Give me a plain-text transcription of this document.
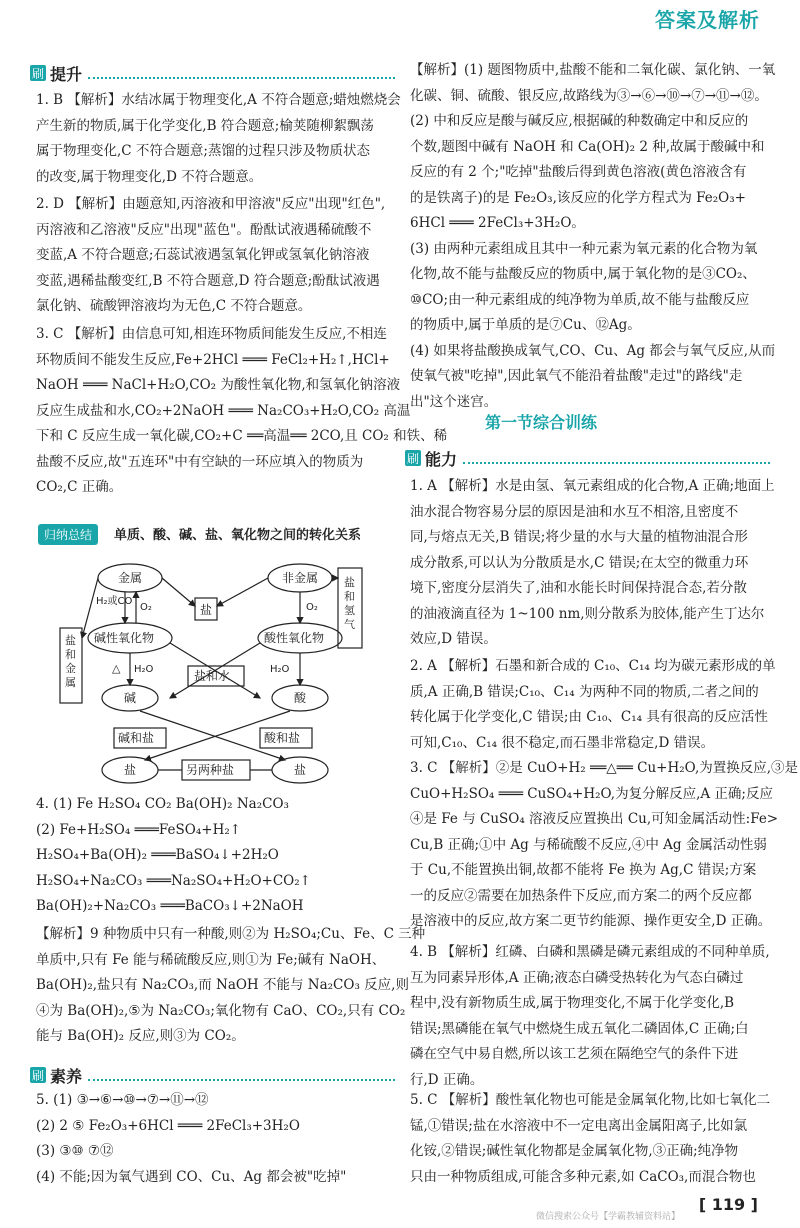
答案及解析
刷 提升
1. B 【解析】水结冰属于物理变化,A 不符合题意;蜡烛燃烧会
产生新的物质,属于化学变化,B 符合题意;榆荚随柳絮飘荡
属于物理变化,C 不符合题意;蒸馏的过程只涉及物质状态
的改变,属于物理变化,D 不符合题意。
2. D 【解析】由题意知,丙溶液和甲溶液"反应"出现"红色",
丙溶液和乙溶液"反应"出现"蓝色"。酚酞试液遇稀硫酸不
变蓝,A 不符合题意;石蕊试液遇氢氧化钾或氢氧化钠溶液
变蓝,遇稀盐酸变红,B 不符合题意,D 符合题意;酚酞试液遇
氯化钠、硫酸钾溶液均为无色,C 不符合题意。
3. C 【解析】由信息可知,相连环物质间能发生反应,不相连
环物质间不能发生反应,Fe+2HCl ═══ FeCl₂+H₂↑,HCl+
NaOH ═══ NaCl+H₂O,CO₂ 为酸性氧化物,和氢氧化钠溶液
反应生成盐和水,CO₂+2NaOH ═══ Na₂CO₃+H₂O,CO₂ 高温
下和 C 反应生成一氧化碳,CO₂+C ══高温══ 2CO,且 CO₂ 和铁、稀
盐酸不反应,故"五连环"中有空缺的一环应填入的物质为
CO₂,C 正确。
4. (1) Fe H₂SO₄ CO₂ Ba(OH)₂ Na₂CO₃
(2) Fe+H₂SO₄ ═══FeSO₄+H₂↑
H₂SO₄+Ba(OH)₂ ═══BaSO₄↓+2H₂O
H₂SO₄+Na₂CO₃ ═══Na₂SO₄+H₂O+CO₂↑
Ba(OH)₂+Na₂CO₃ ═══BaCO₃↓+2NaOH
【解析】9 种物质中只有一种酸,则②为 H₂SO₄;Cu、Fe、C 三种
单质中,只有 Fe 能与稀硫酸反应,则①为 Fe;碱有 NaOH、
Ba(OH)₂,盐只有 Na₂CO₃,而 NaOH 不能与 Na₂CO₃ 反应,则
④为 Ba(OH)₂,⑤为 Na₂CO₃;氧化物有 CaO、CO₂,只有 CO₂
能与 Ba(OH)₂ 反应,则③为 CO₂。
5. (1) ③→⑥→⑩→⑦→⑪→⑫
(2) 2 ⑤ Fe₂O₃+6HCl ═══ 2FeCl₃+3H₂O
(3) ③⑩ ⑦⑫
(4) 不能;因为氧气遇到 CO、Cu、Ag 都会被"吃掉"
【解析】(1) 题图物质中,盐酸不能和二氧化碳、氯化钠、一氧
化碳、铜、硫酸、银反应,故路线为③→⑥→⑩→⑦→⑪→⑫。
(2) 中和反应是酸与碱反应,根据碱的种数确定中和反应的
个数,题图中碱有 NaOH 和 Ca(OH)₂ 2 种,故属于酸碱中和
反应的有 2 个;"吃掉"盐酸后得到黄色溶液(黄色溶液含有
的是铁离子)的是 Fe₂O₃,该反应的化学方程式为 Fe₂O₃+
6HCl ═══ 2FeCl₃+3H₂O。
(3) 由两种元素组成且其中一种元素为氧元素的化合物为氧
化物,故不能与盐酸反应的物质中,属于氧化物的是③CO₂、
⑩CO;由一种元素组成的纯净物为单质,故不能与盐酸反应
的物质中,属于单质的是⑦Cu、⑫Ag。
(4) 如果将盐酸换成氧气,CO、Cu、Ag 都会与氧气反应,从而
使氧气被"吃掉",因此氧气不能沿着盐酸"走过"的路线"走
出"这个迷宫。
1. A 【解析】水是由氢、氧元素组成的化合物,A 正确;地面上
油水混合物容易分层的原因是油和水互不相溶,且密度不
同,与熔点无关,B 错误;将少量的水与大量的植物油混合形
成分散系,可以认为分散质是水,C 错误;在太空的微重力环
境下,密度分层消失了,油和水能长时间保持混合态,若分散
的油液滴直径为 1~100 nm,则分散系为胶体,能产生丁达尔
效应,D 错误。
2. A 【解析】石墨和新合成的 C₁₀、C₁₄ 均为碳元素形成的单
质,A 正确,B 错误;C₁₀、C₁₄ 为两种不同的物质,二者之间的
转化属于化学变化,C 错误;由 C₁₀、C₁₄ 具有很高的反应活性
可知,C₁₀、C₁₄ 很不稳定,而石墨非常稳定,D 错误。
3. C 【解析】②是 CuO+H₂ ══△══ Cu+H₂O,为置换反应,③是
CuO+H₂SO₄ ═══ CuSO₄+H₂O,为复分解反应,A 正确;反应
④是 Fe 与 CuSO₄ 溶液反应置换出 Cu,可知金属活动性:Fe>
Cu,B 正确;①中 Ag 与稀硫酸不反应,④中 Ag 金属活动性弱
于 Cu,不能置换出铜,故都不能将 Fe 换为 Ag,C 错误;方案
一的反应②需要在加热条件下反应,而方案二的两个反应都
是溶液中的反应,故方案二更节约能源、操作更安全,D 正确。
4. B 【解析】红磷、白磷和黑磷是磷元素组成的不同种单质,
互为同素异形体,A 正确;液态白磷受热转化为气态白磷过
程中,没有新物质生成,属于物理变化,不属于化学变化,B
错误;黑磷能在氧气中燃烧生成五氧化二磷固体,C 正确;白
磷在空气中易自燃,所以该工艺须在隔绝空气的条件下进
行,D 正确。
5. C 【解析】酸性氧化物也可能是金属氧化物,比如七氧化二
锰,①错误;盐在水溶液中不一定电离出金属阳离子,比如氯
化铵,②错误;碱性氧化物都是金属氧化物,③正确;纯净物
只由一种物质组成,可能含多种元素,如 CaCO₃,而混合物也
归纳总结	单质、酸、碱、盐、氧化物之间的转化关系
金属	非金属
盐
碱性氧化物	酸性氧化物
碱	酸
盐和水
碱和盐	酸和盐
另两种盐
盐	盐
H₂或CO
O₂	O₂
H₂O	H₂O
△
盐和金属
盐和氢气
刷 素养
第一节综合训练
刷 能力
微信搜索公众号【学霸教辅资料站】
[ 119 ]
